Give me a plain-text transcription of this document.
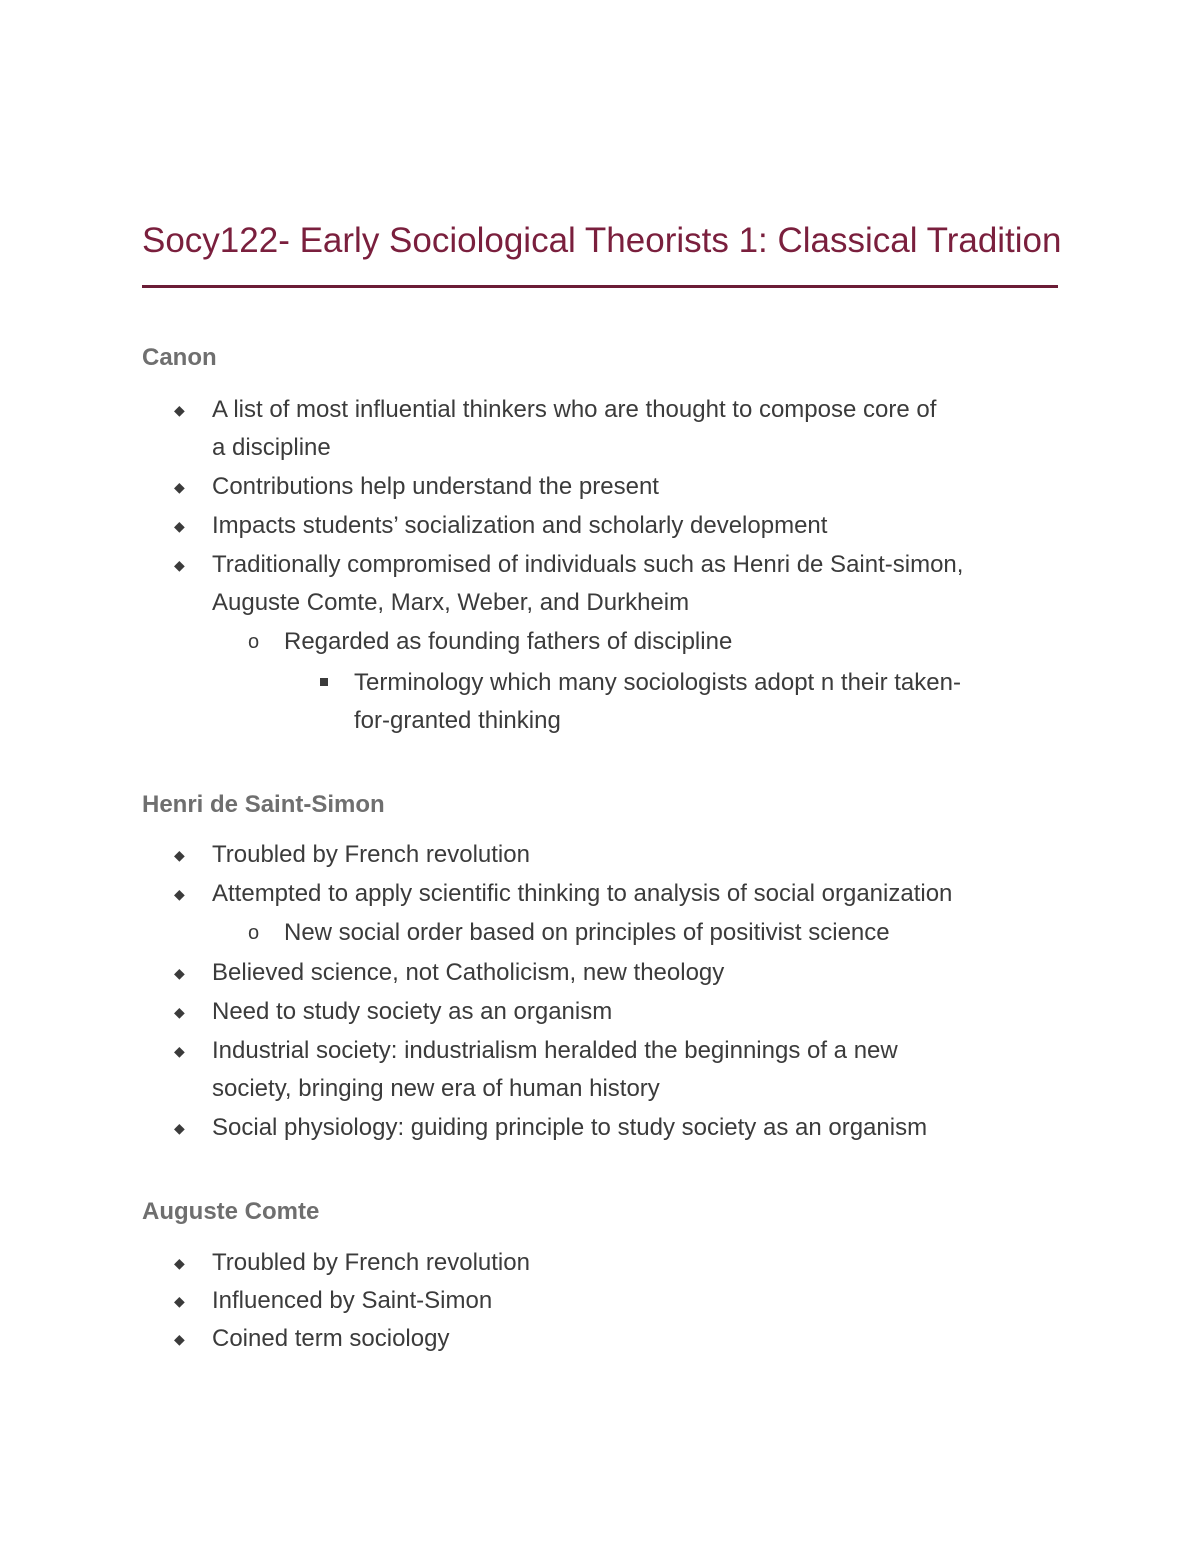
Socy122- Early Sociological Theorists 1: Classical Tradition
Canon
◆ A list of most influential thinkers who are thought to compose core of
a discipline
◆ Contributions help understand the present
◆ Impacts students’ socialization and scholarly development
◆ Traditionally compromised of individuals such as Henri de Saint-simon,
Auguste Comte, Marx, Weber, and Durkheim
o Regarded as founding fathers of discipline
Terminology which many sociologists adopt n their taken-
for-granted thinking
Henri de Saint-Simon
◆ Troubled by French revolution
◆ Attempted to apply scientific thinking to analysis of social organization
o New social order based on principles of positivist science
◆ Believed science, not Catholicism, new theology
◆ Need to study society as an organism
◆ Industrial society: industrialism heralded the beginnings of a new
society, bringing new era of human history
◆ Social physiology: guiding principle to study society as an organism
Auguste Comte
◆ Troubled by French revolution
◆ Influenced by Saint-Simon
◆ Coined term sociology
